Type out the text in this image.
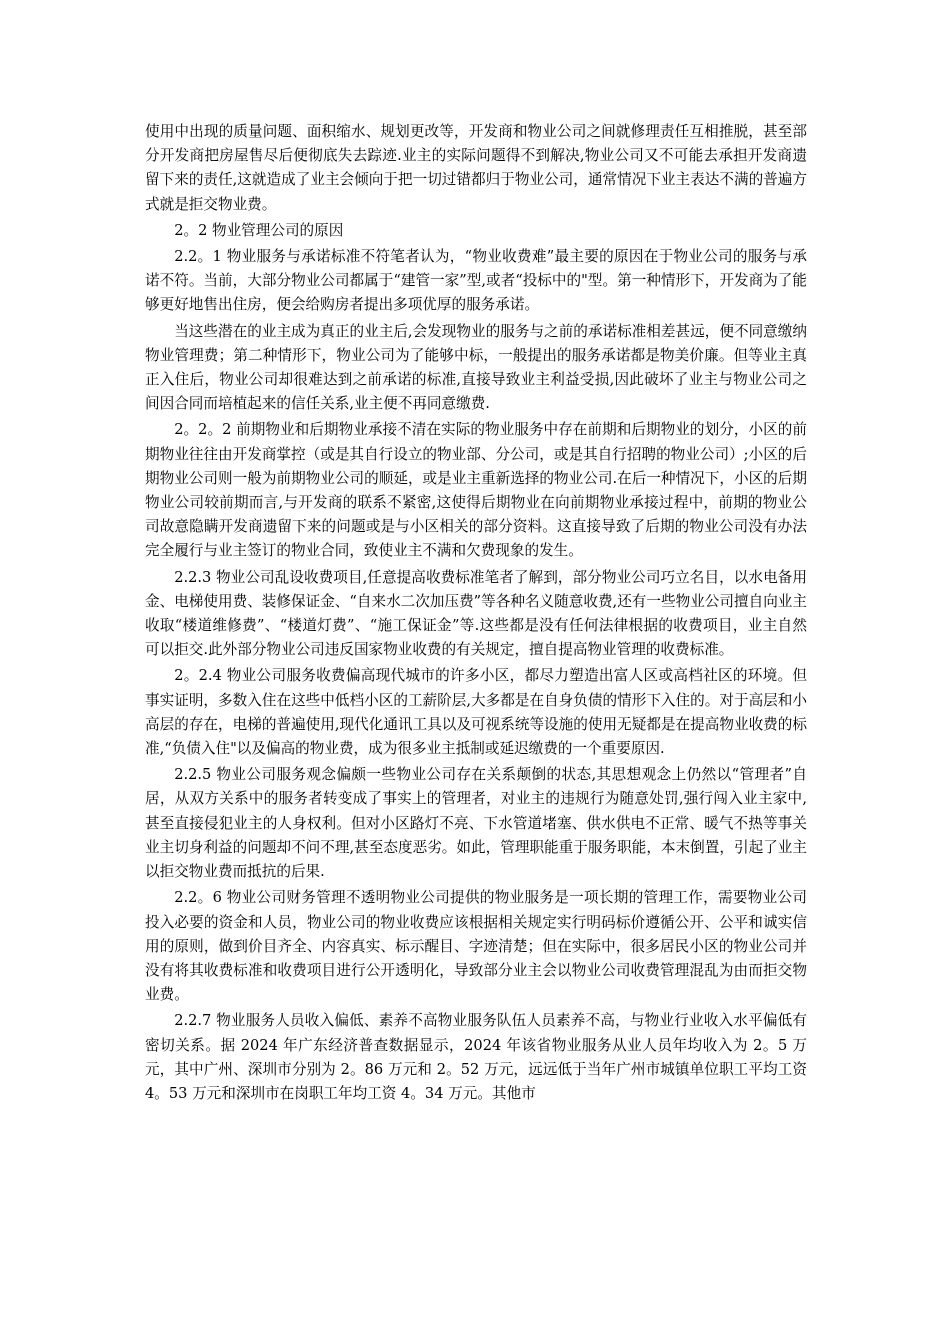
使用中出现的质量问题、面积缩水、规划更改等，开发商和物业公司之间就修理责任互相推脱，甚至部分开发商把房屋售尽后便彻底失去踪迹.业主的实际问题得不到解决,物业公司又不可能去承担开发商遗留下来的责任,这就造成了业主会倾向于把一切过错都归于物业公司，通常情况下业主表达不满的普遍方式就是拒交物业费。

2。2 物业管理公司的原因

2.2。1 物业服务与承诺标准不符笔者认为，“物业收费难”最主要的原因在于物业公司的服务与承诺不符。当前，大部分物业公司都属于“建管一家”型,或者“投标中的"型。第一种情形下，开发商为了能够更好地售出住房，便会给购房者提出多项优厚的服务承诺。

当这些潜在的业主成为真正的业主后,会发现物业的服务与之前的承诺标准相差甚远，便不同意缴纳物业管理费；第二种情形下，物业公司为了能够中标，一般提出的服务承诺都是物美价廉。但等业主真正入住后，物业公司却很难达到之前承诺的标准,直接导致业主利益受损,因此破坏了业主与物业公司之间因合同而培植起来的信任关系,业主便不再同意缴费.

2。2。2 前期物业和后期物业承接不清在实际的物业服务中存在前期和后期物业的划分，小区的前期物业往往由开发商掌控（或是其自行设立的物业部、分公司，或是其自行招聘的物业公司）;小区的后期物业公司则一般为前期物业公司的顺延，或是业主重新选择的物业公司.在后一种情况下，小区的后期物业公司较前期而言,与开发商的联系不紧密,这使得后期物业在向前期物业承接过程中，前期的物业公司故意隐瞒开发商遗留下来的问题或是与小区相关的部分资料。这直接导致了后期的物业公司没有办法完全履行与业主签订的物业合同，致使业主不满和欠费现象的发生。

2.2.3 物业公司乱设收费项目,任意提高收费标准笔者了解到，部分物业公司巧立名目，以水电备用金、电梯使用费、装修保证金、“自来水二次加压费”等各种名义随意收费,还有一些物业公司擅自向业主收取“楼道维修费”、“楼道灯费”、“施工保证金”等.这些都是没有任何法律根据的收费项目，业主自然可以拒交.此外部分物业公司违反国家物业收费的有关规定，擅自提高物业管理的收费标准。

2。2.4 物业公司服务收费偏高现代城市的许多小区，都尽力塑造出富人区或高档社区的环境。但事实证明，多数入住在这些中低档小区的工薪阶层,大多都是在自身负债的情形下入住的。对于高层和小高层的存在，电梯的普遍使用,现代化通讯工具以及可视系统等设施的使用无疑都是在提高物业收费的标准,“负债入住"以及偏高的物业费，成为很多业主抵制或延迟缴费的一个重要原因.

2.2.5 物业公司服务观念偏颇一些物业公司存在关系颠倒的状态,其思想观念上仍然以“管理者”自居，从双方关系中的服务者转变成了事实上的管理者，对业主的违规行为随意处罚,强行闯入业主家中,甚至直接侵犯业主的人身权利。但对小区路灯不亮、下水管道堵塞、供水供电不正常、暖气不热等事关业主切身利益的问题却不问不理,甚至态度恶劣。如此，管理职能重于服务职能，本末倒置，引起了业主以拒交物业费而抵抗的后果.

2.2。6 物业公司财务管理不透明物业公司提供的物业服务是一项长期的管理工作，需要物业公司投入必要的资金和人员，物业公司的物业收费应该根据相关规定实行明码标价遵循公开、公平和诚实信用的原则，做到价目齐全、内容真实、标示醒目、字迹清楚；但在实际中，很多居民小区的物业公司并没有将其收费标准和收费项目进行公开透明化，导致部分业主会以物业公司收费管理混乱为由而拒交物业费。

2.2.7 物业服务人员收入偏低、素养不高物业服务队伍人员素养不高，与物业行业收入水平偏低有密切关系。据 2024 年广东经济普查数据显示，2024 年该省物业服务从业人员年均收入为 2。5 万元，其中广州、深圳市分别为 2。86 万元和 2。52 万元，远远低于当年广州市城镇单位职工平均工资 4。53 万元和深圳市在岗职工年均工资 4。34 万元。其他市
